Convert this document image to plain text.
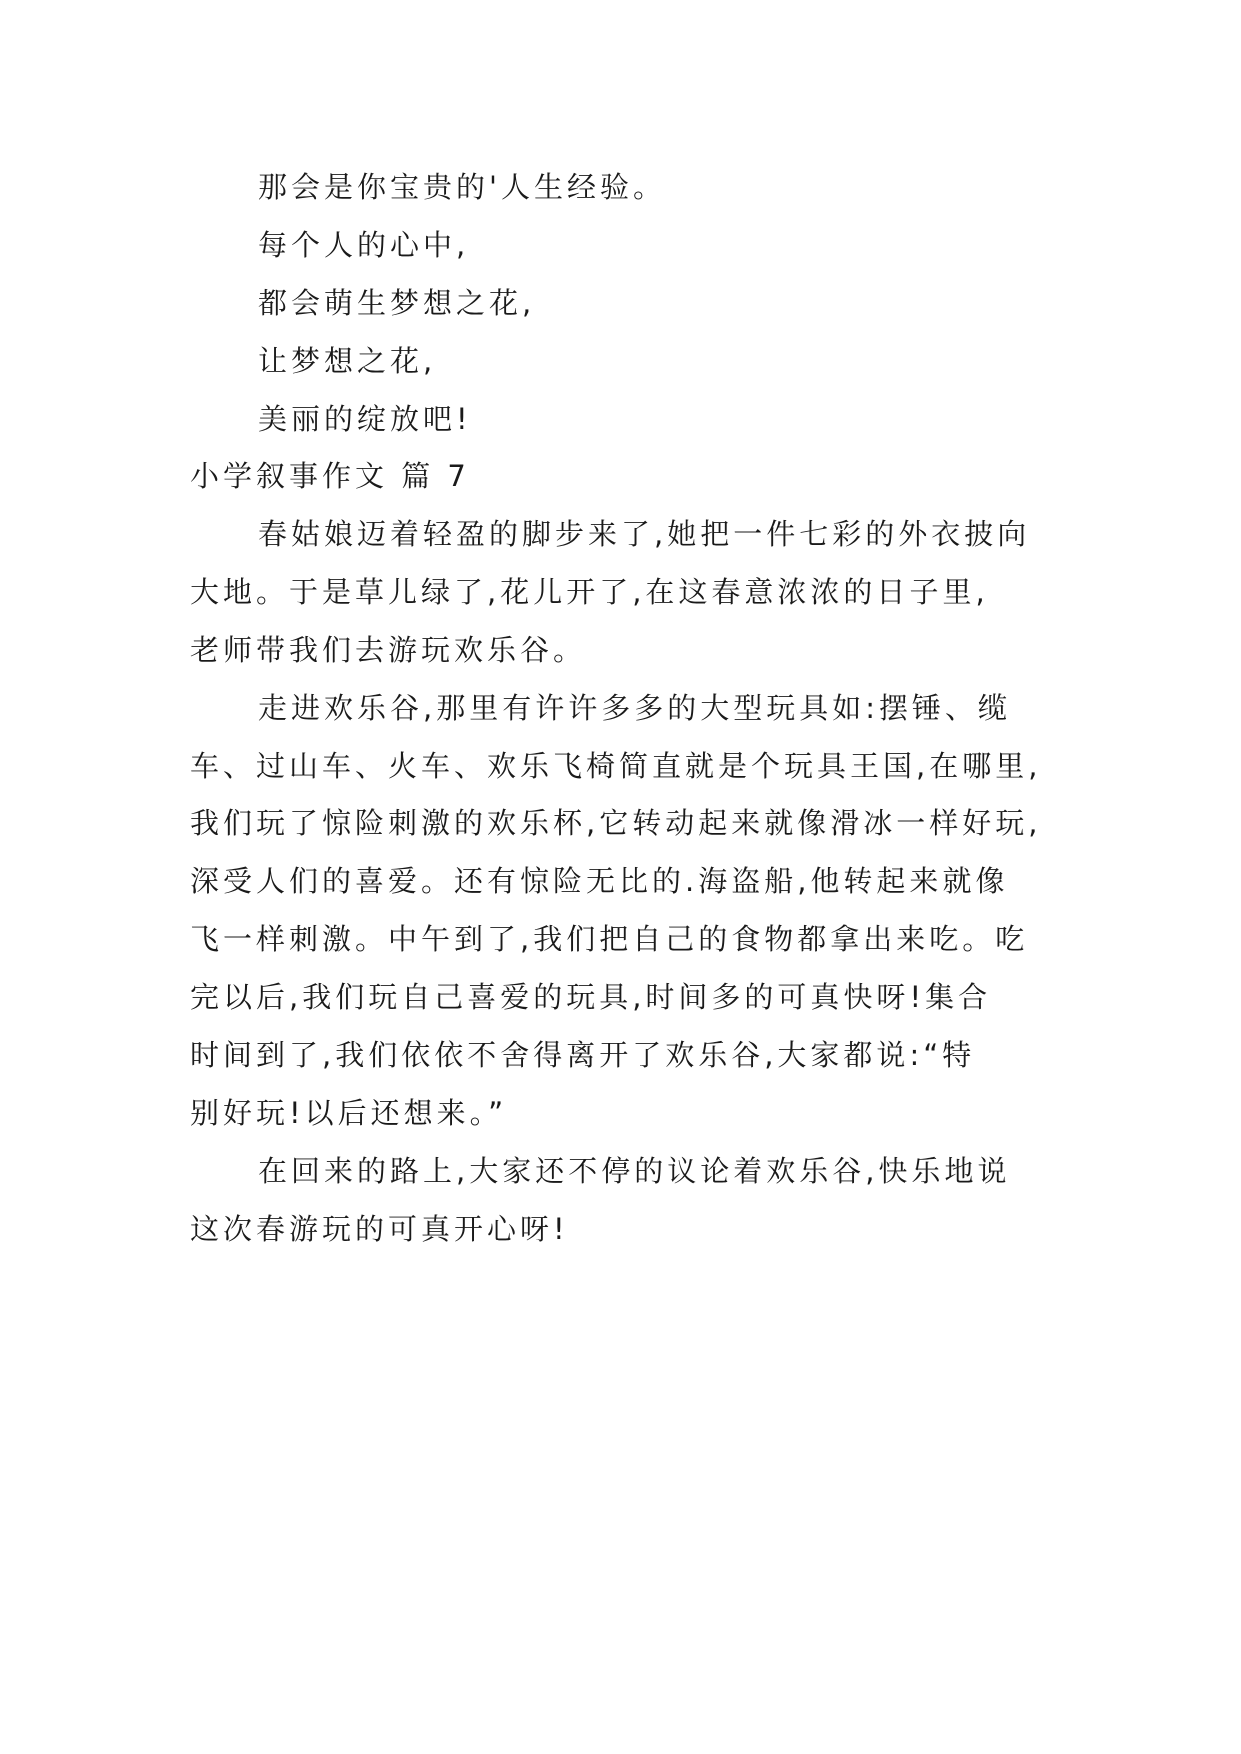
那会是你宝贵的'人生经验。
每个人的心中,
都会萌生梦想之花,
让梦想之花,
美丽的绽放吧!
小学叙事作文 篇 7
春姑娘迈着轻盈的脚步来了,她把一件七彩的外衣披向
大地。于是草儿绿了,花儿开了,在这春意浓浓的日子里,
老师带我们去游玩欢乐谷。
走进欢乐谷,那里有许许多多的大型玩具如:摆锤、缆
车、过山车、火车、欢乐飞椅简直就是个玩具王国,在哪里,
我们玩了惊险刺激的欢乐杯,它转动起来就像滑冰一样好玩,
深受人们的喜爱。还有惊险无比的.海盗船,他转起来就像
飞一样刺激。中午到了,我们把自己的食物都拿出来吃。吃
完以后,我们玩自己喜爱的玩具,时间多的可真快呀!集合
时间到了,我们依依不舍得离开了欢乐谷,大家都说:“特
别好玩!以后还想来。”
在回来的路上,大家还不停的议论着欢乐谷,快乐地说
这次春游玩的可真开心呀!
